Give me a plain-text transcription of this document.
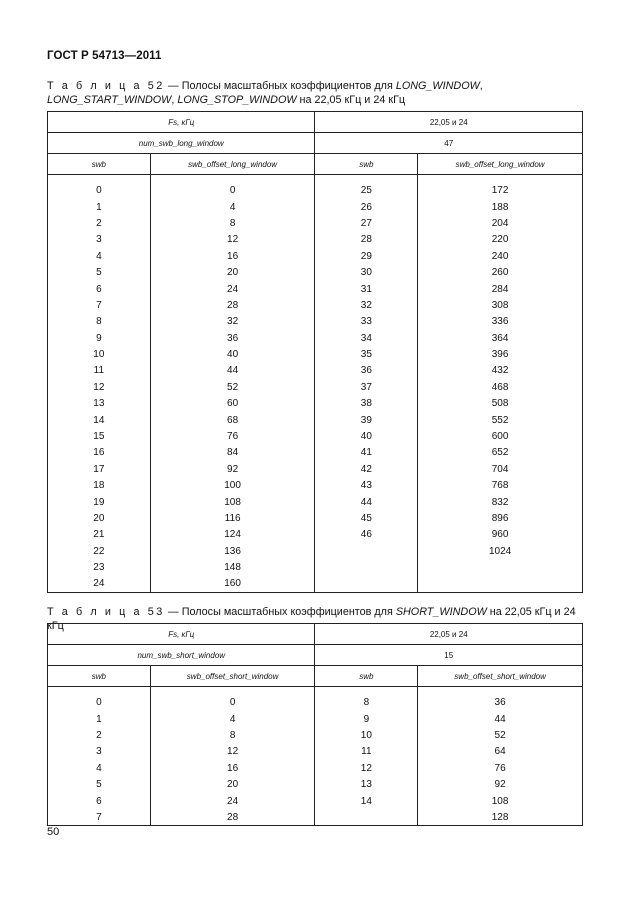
ГОСТ Р 54713—2011
Т а б л и ц а 52 — Полосы масштабных коэффициентов для LONG_WINDOW, LONG_START_WINDOW, LONG_STOP_WINDOW на 22,05 кГц и 24 кГц
Fs, кГц		22,05 и 24	
num_swb_long_window		47	
swb	swb_offset_long_window	swb	swb_offset_long_window

0	0	25	172
1	4	26	188
2	8	27	204
3	12	28	220
4	16	29	240
5	20	30	260
6	24	31	284
7	28	32	308
8	32	33	336
9	36	34	364
10	40	35	396
11	44	36	432
12	52	37	468
13	60	38	508
14	68	39	552
15	76	40	600
16	84	41	652
17	92	42	704
18	100	43	768
19	108	44	832
20	116	45	896
21	124	46	960
22	136		1024
23	148		
24	160		
Т а б л и ц а 53 — Полосы масштабных коэффициентов для SHORT_WINDOW на 22,05 кГц и 24 кГц
Fs, кГц		22,05 и 24	
num_swb_short_window		15	
swb	swb_offset_short_window	swb	swb_offset_short_window

0	0	8	36
1	4	9	44
2	8	10	52
3	12	11	64
4	16	12	76
5	20	13	92
6	24	14	108
7	28		128
50
